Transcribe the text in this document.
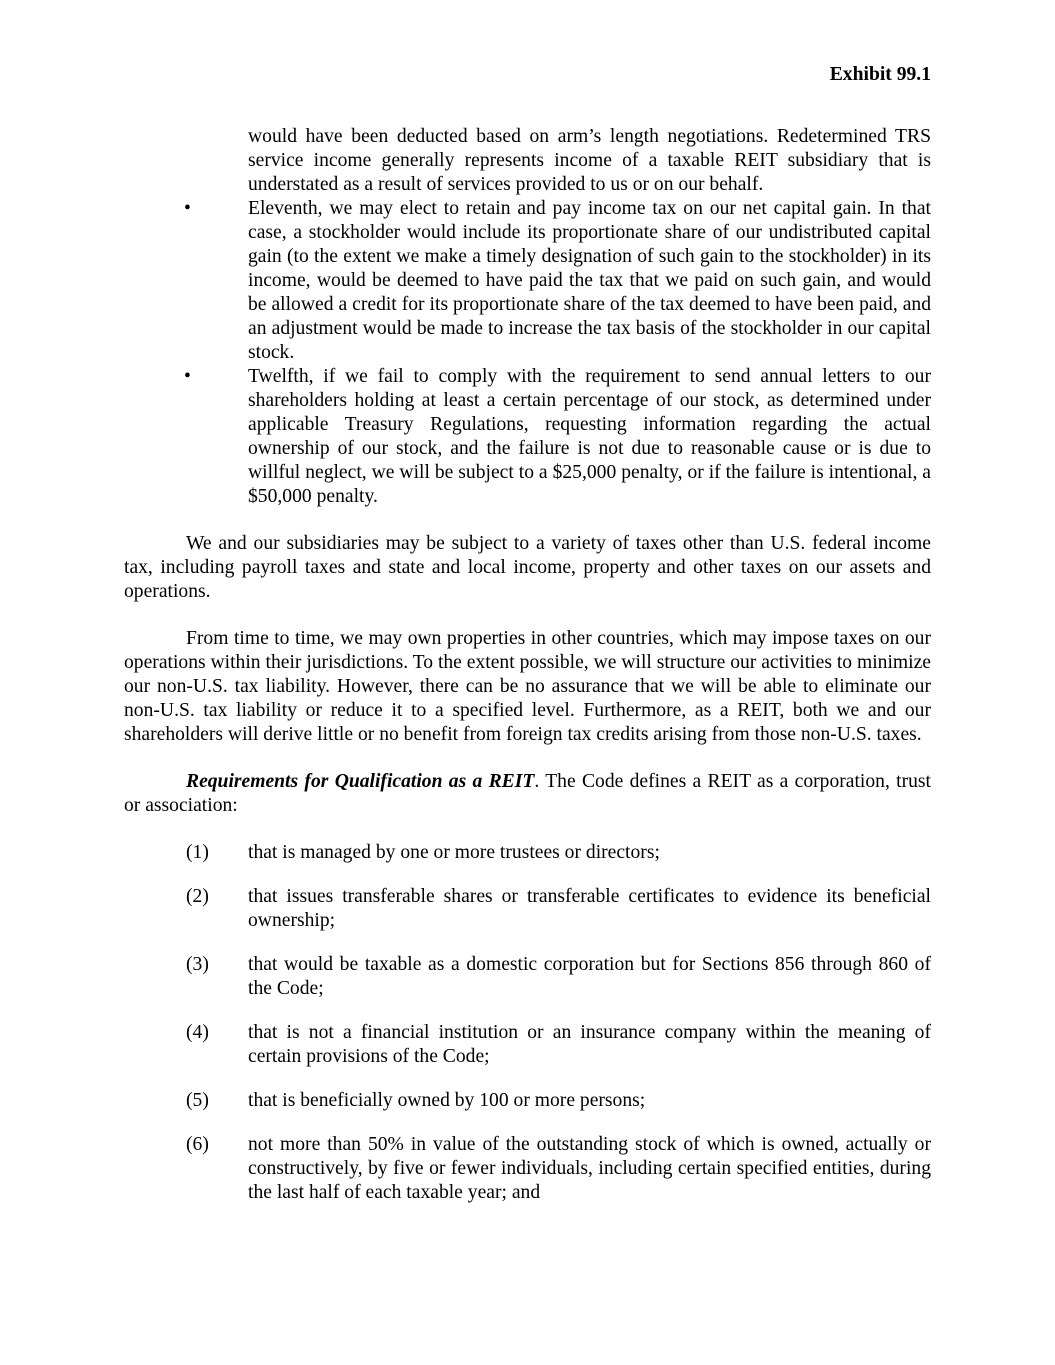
Exhibit 99.1
would have been deducted based on arm’s length negotiations. Redetermined TRS service income generally represents income of a taxable REIT subsidiary that is understated as a result of services provided to us or on our behalf.
•	Eleventh, we may elect to retain and pay income tax on our net capital gain. In that case, a stockholder would include its proportionate share of our undistributed capital gain (to the extent we make a timely designation of such gain to the stockholder) in its income, would be deemed to have paid the tax that we paid on such gain, and would be allowed a credit for its proportionate share of the tax deemed to have been paid, and an adjustment would be made to increase the tax basis of the stockholder in our capital stock.
•	Twelfth, if we fail to comply with the requirement to send annual letters to our shareholders holding at least a certain percentage of our stock, as determined under applicable Treasury Regulations, requesting information regarding the actual ownership of our stock, and the failure is not due to reasonable cause or is due to willful neglect, we will be subject to a $25,000 penalty, or if the failure is intentional, a $50,000 penalty.

We and our subsidiaries may be subject to a variety of taxes other than U.S. federal income tax, including payroll taxes and state and local income, property and other taxes on our assets and operations.

From time to time, we may own properties in other countries, which may impose taxes on our operations within their jurisdictions. To the extent possible, we will structure our activities to minimize our non-U.S. tax liability. However, there can be no assurance that we will be able to eliminate our non-U.S. tax liability or reduce it to a specified level. Furthermore, as a REIT, both we and our shareholders will derive little or no benefit from foreign tax credits arising from those non-U.S. taxes.

Requirements for Qualification as a REIT. The Code defines a REIT as a corporation, trust or association:

(1) that is managed by one or more trustees or directors;
(2) that issues transferable shares or transferable certificates to evidence its beneficial ownership;
(3) that would be taxable as a domestic corporation but for Sections 856 through 860 of the Code;
(4) that is not a financial institution or an insurance company within the meaning of certain provisions of the Code;
(5) that is beneficially owned by 100 or more persons;
(6) not more than 50% in value of the outstanding stock of which is owned, actually or constructively, by five or fewer individuals, including certain specified entities, during the last half of each taxable year; and
